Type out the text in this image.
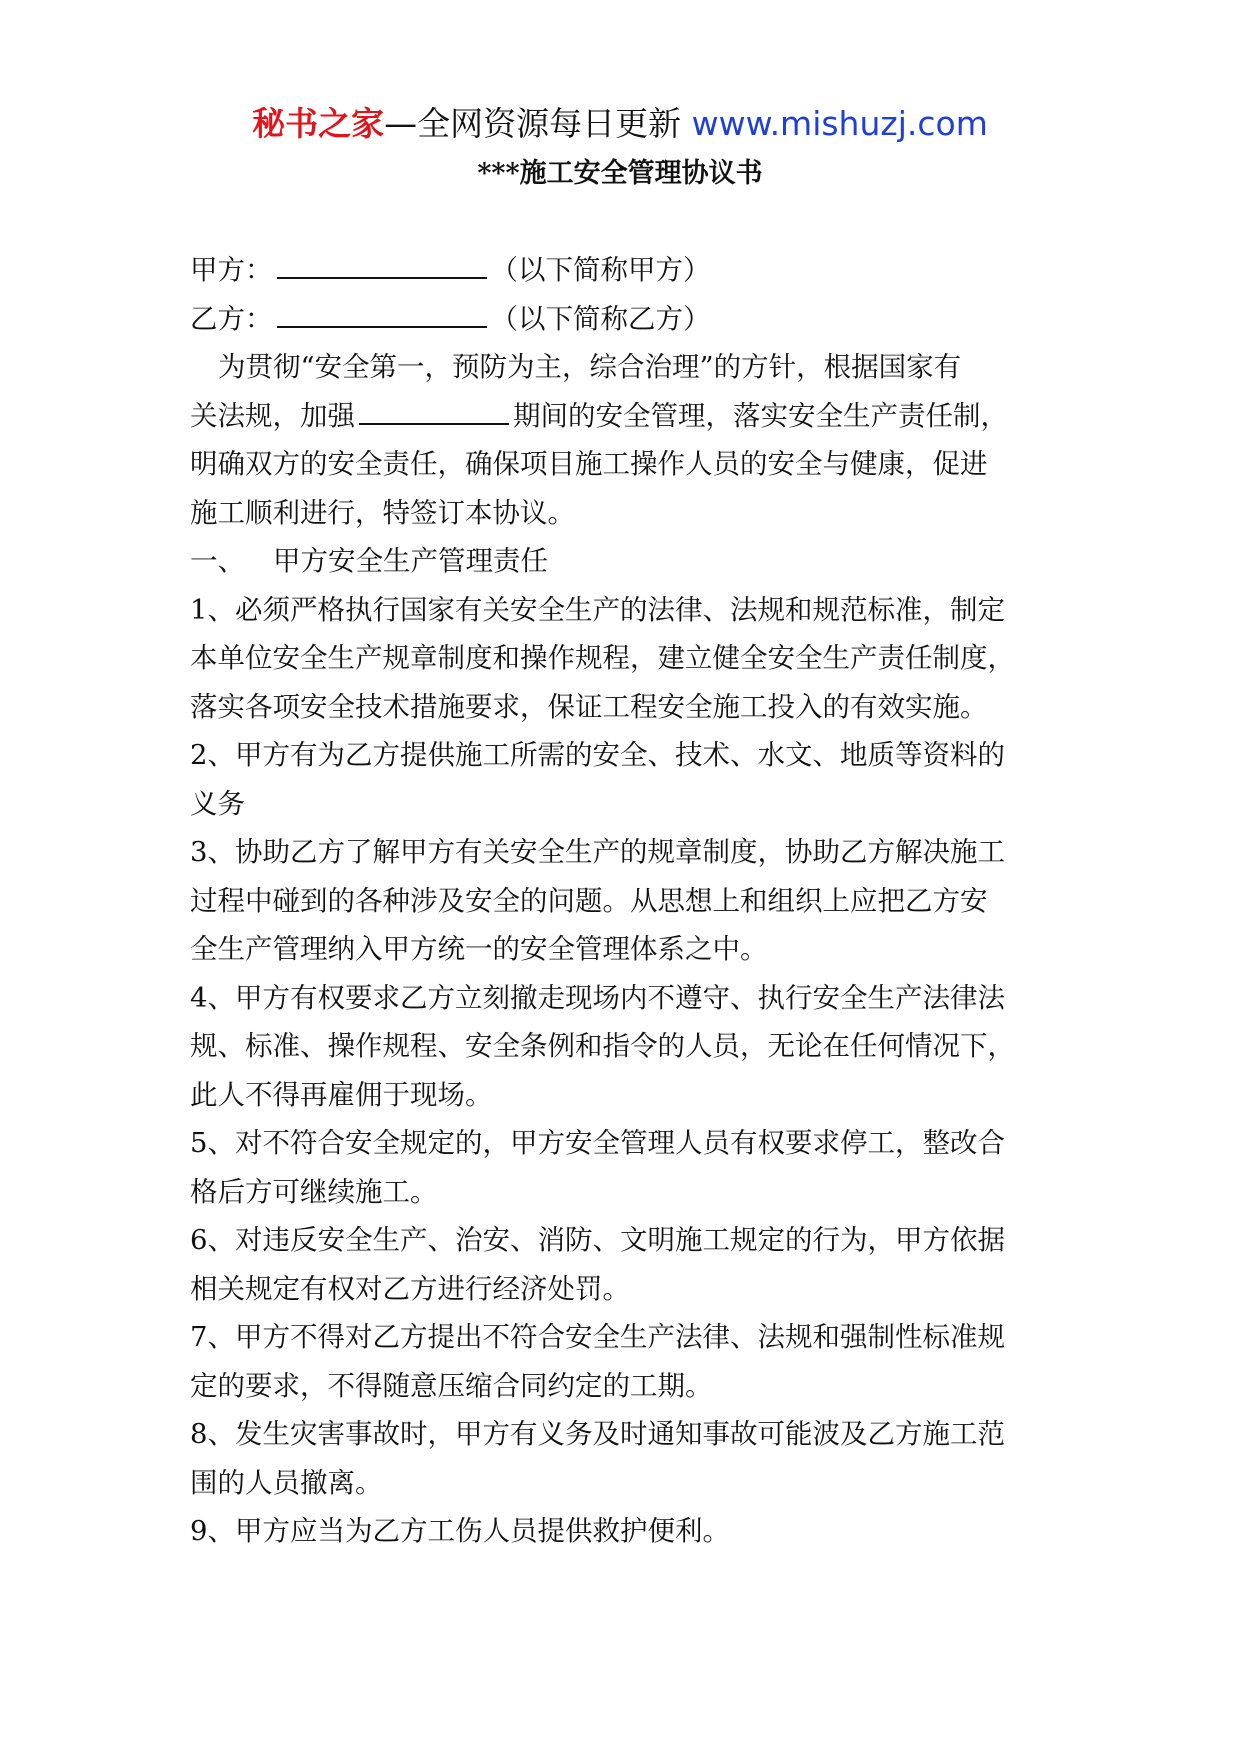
秘书之家—全网资源每日更新 www.mishuzj.com
***施工安全管理协议书
甲方：	（以下简称甲方）
乙方：	（以下简称乙方）
为贯彻“安全第一，预防为主，综合治理”的方针，根据国家有
关法规，加强	期间的安全管理，落实安全生产责任制，
明确双方的安全责任，确保项目施工操作人员的安全与健康，促进
施工顺利进行，特签订本协议。
一、 甲方安全生产管理责任
1、必须严格执行国家有关安全生产的法律、法规和规范标准，制定
本单位安全生产规章制度和操作规程，建立健全安全生产责任制度，
落实各项安全技术措施要求，保证工程安全施工投入的有效实施。
2、甲方有为乙方提供施工所需的安全、技术、水文、地质等资料的
义务
3、协助乙方了解甲方有关安全生产的规章制度，协助乙方解决施工
过程中碰到的各种涉及安全的问题。从思想上和组织上应把乙方安
全生产管理纳入甲方统一的安全管理体系之中。
4、甲方有权要求乙方立刻撤走现场内不遵守、执行安全生产法律法
规、标准、操作规程、安全条例和指令的人员，无论在任何情况下，
此人不得再雇佣于现场。
5、对不符合安全规定的，甲方安全管理人员有权要求停工，整改合
格后方可继续施工。
6、对违反安全生产、治安、消防、文明施工规定的行为，甲方依据
相关规定有权对乙方进行经济处罚。
7、甲方不得对乙方提出不符合安全生产法律、法规和强制性标准规
定的要求，不得随意压缩合同约定的工期。
8、发生灾害事故时，甲方有义务及时通知事故可能波及乙方施工范
围的人员撤离。
9、甲方应当为乙方工伤人员提供救护便利。
